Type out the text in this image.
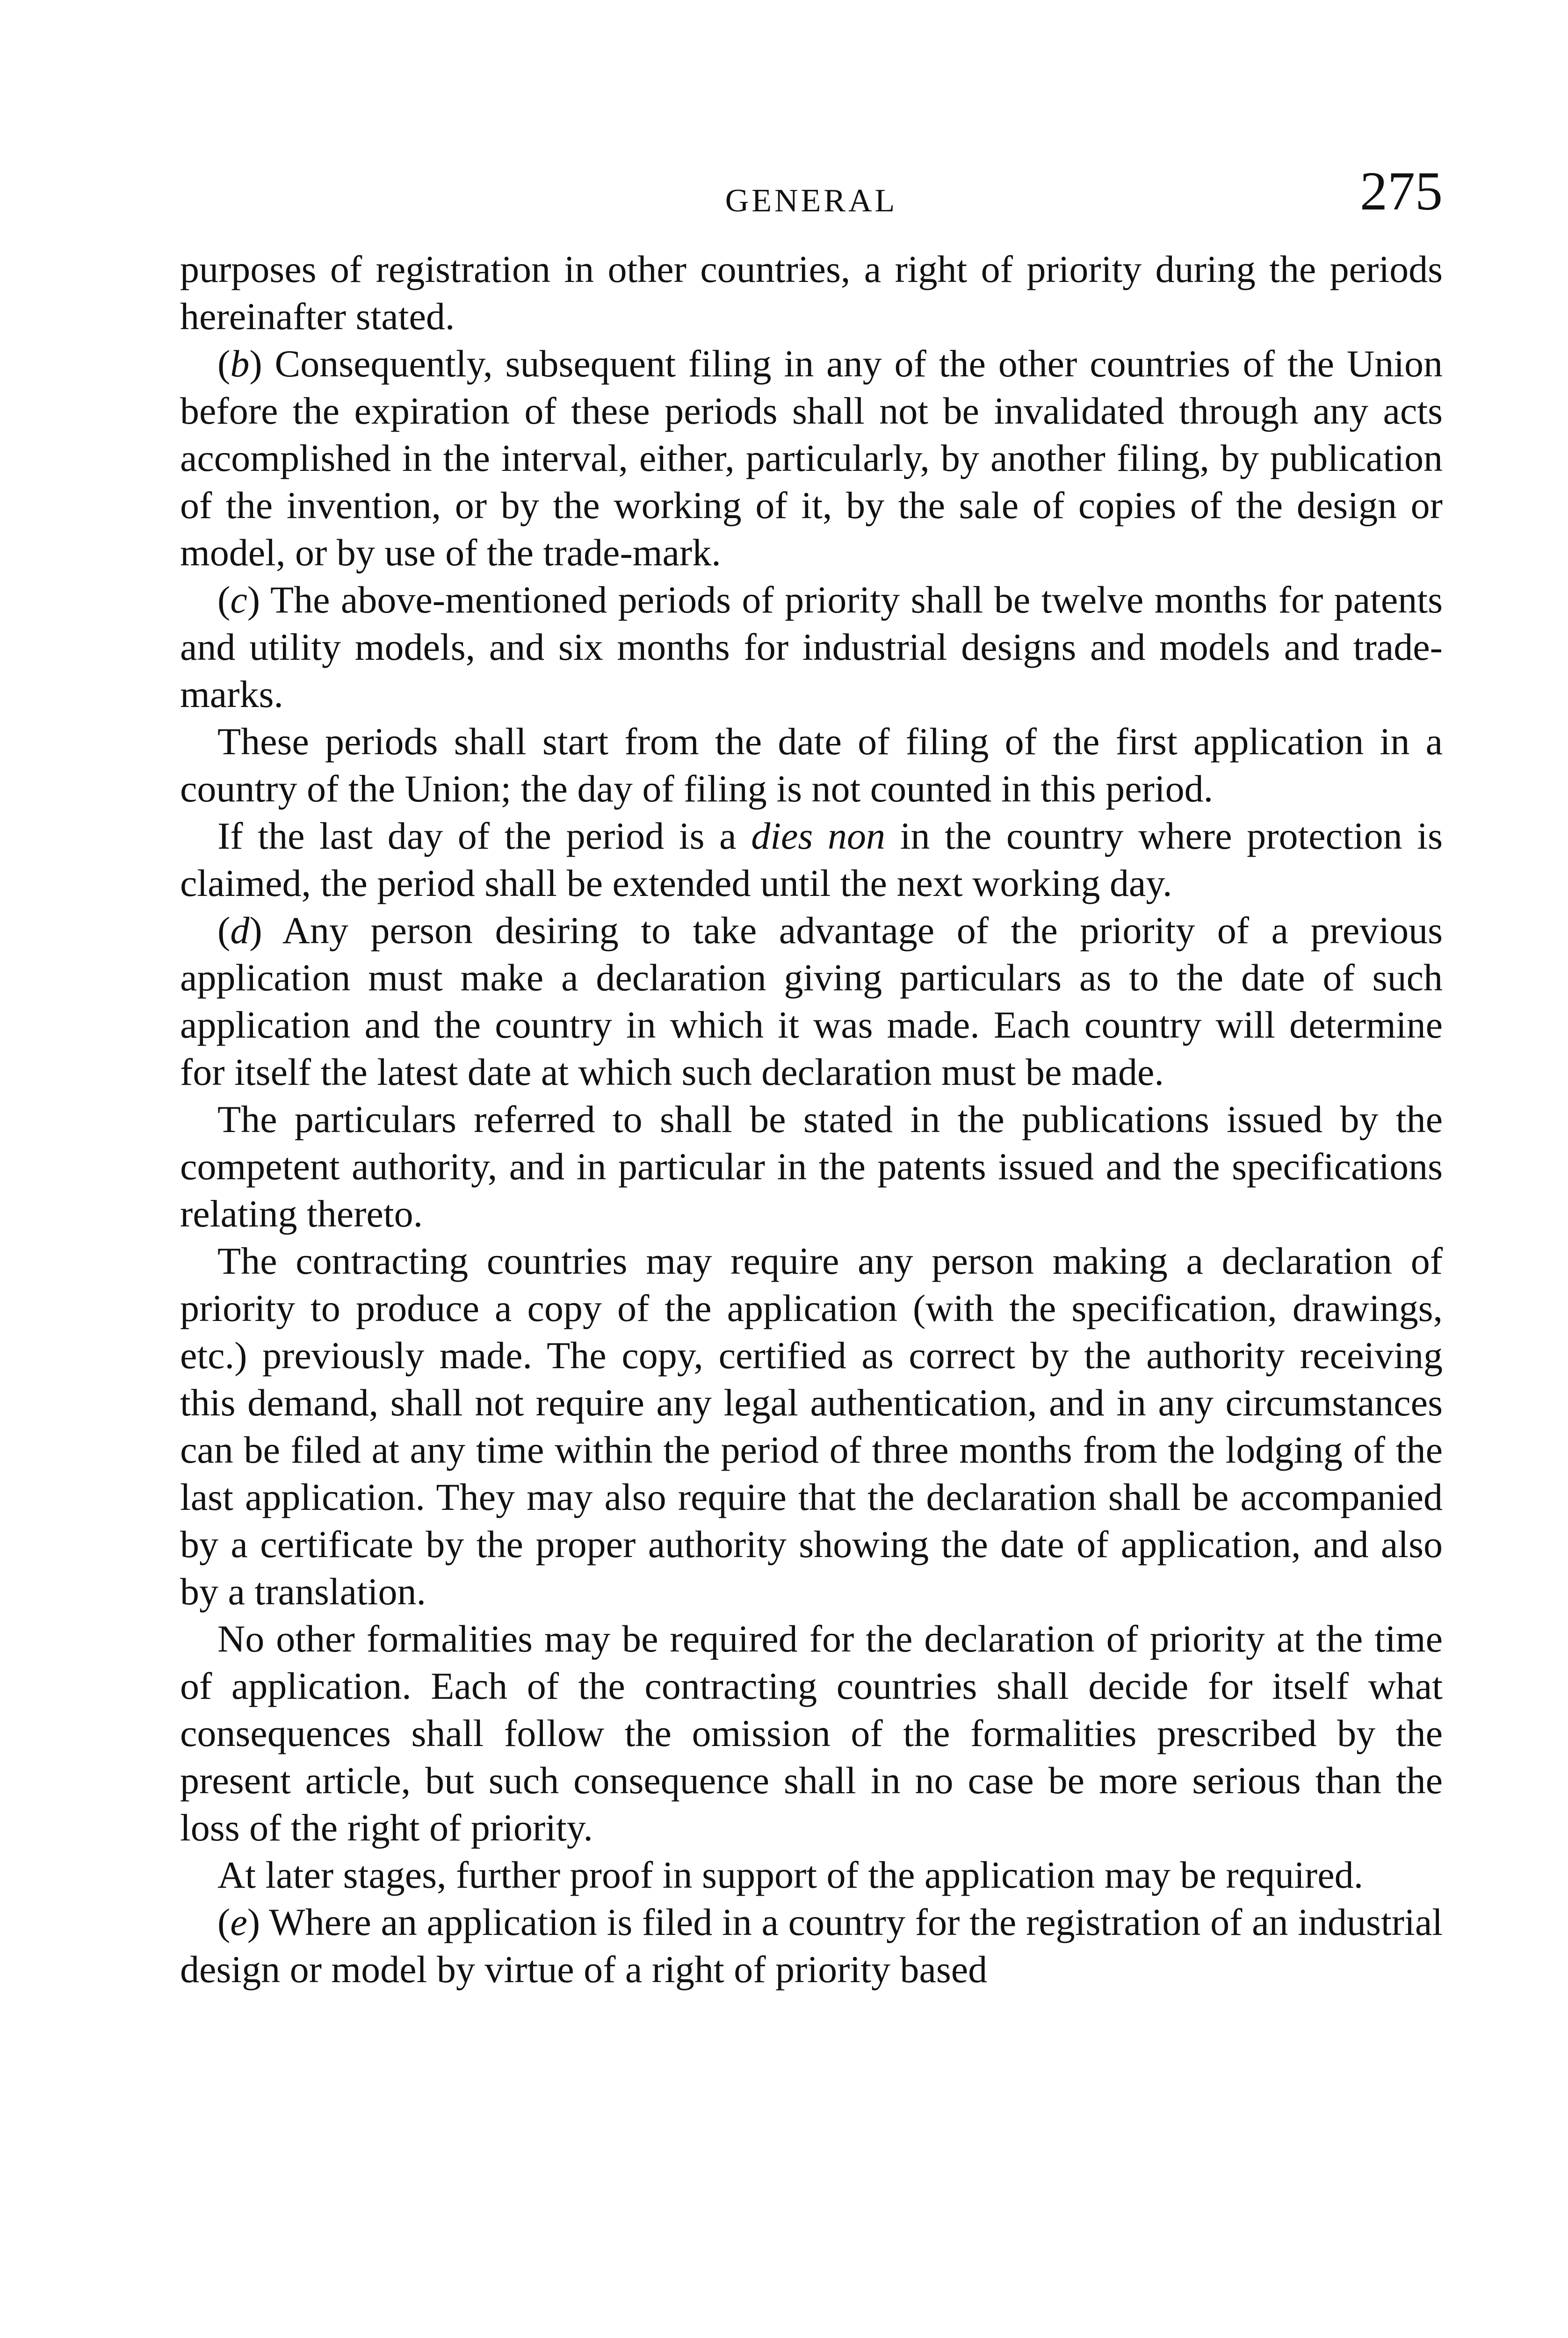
GENERAL	275

purposes of registration in other countries, a right of priority during the periods hereinafter stated.

(b) Consequently, subsequent filing in any of the other countries of the Union before the expiration of these periods shall not be invalidated through any acts accomplished in the interval, either, particularly, by another filing, by publication of the invention, or by the working of it, by the sale of copies of the design or model, or by use of the trade-mark.

(c) The above-mentioned periods of priority shall be twelve months for patents and utility models, and six months for industrial designs and models and trade-marks.

These periods shall start from the date of filing of the first application in a country of the Union; the day of filing is not counted in this period.

If the last day of the period is a dies non in the country where protection is claimed, the period shall be extended until the next working day.

(d) Any person desiring to take advantage of the priority of a previous application must make a declaration giving particulars as to the date of such application and the country in which it was made. Each country will determine for itself the latest date at which such declaration must be made.

The particulars referred to shall be stated in the publications issued by the competent authority, and in particular in the patents issued and the specifications relating thereto.

The contracting countries may require any person making a declaration of priority to produce a copy of the application (with the specification, drawings, etc.) previously made. The copy, certified as correct by the authority receiving this demand, shall not require any legal authentication, and in any circumstances can be filed at any time within the period of three months from the lodging of the last application. They may also require that the declaration shall be accompanied by a certificate by the proper authority showing the date of application, and also by a translation.

No other formalities may be required for the declaration of priority at the time of application. Each of the contracting countries shall decide for itself what consequences shall follow the omission of the formalities prescribed by the present article, but such consequence shall in no case be more serious than the loss of the right of priority.

At later stages, further proof in support of the application may be required.

(e) Where an application is filed in a country for the registration of an industrial design or model by virtue of a right of priority based
